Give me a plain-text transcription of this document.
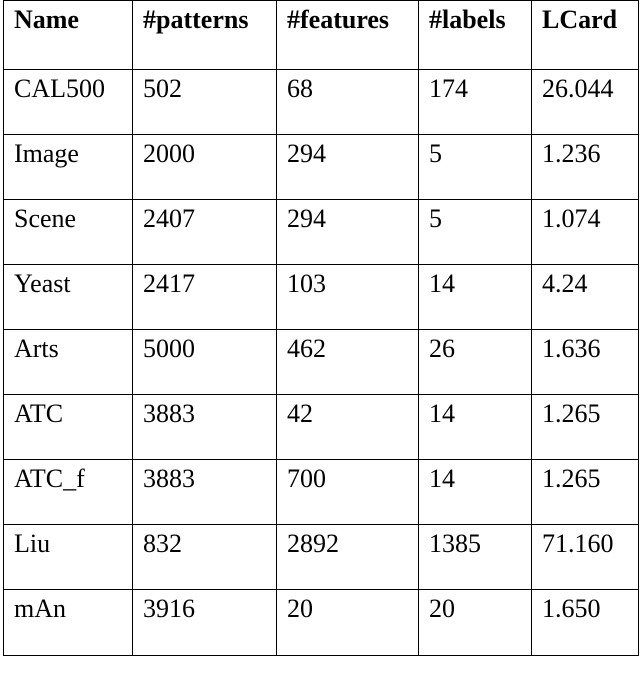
Name	#patterns	#features	#labels	LCard
CAL500	502	68	174	26.044
Image	2000	294	5	1.236
Scene	2407	294	5	1.074
Yeast	2417	103	14	4.24
Arts	5000	462	26	1.636
ATC	3883	42	14	1.265
ATC_f	3883	700	14	1.265
Liu	832	2892	1385	71.160
mAn	3916	20	20	1.650
